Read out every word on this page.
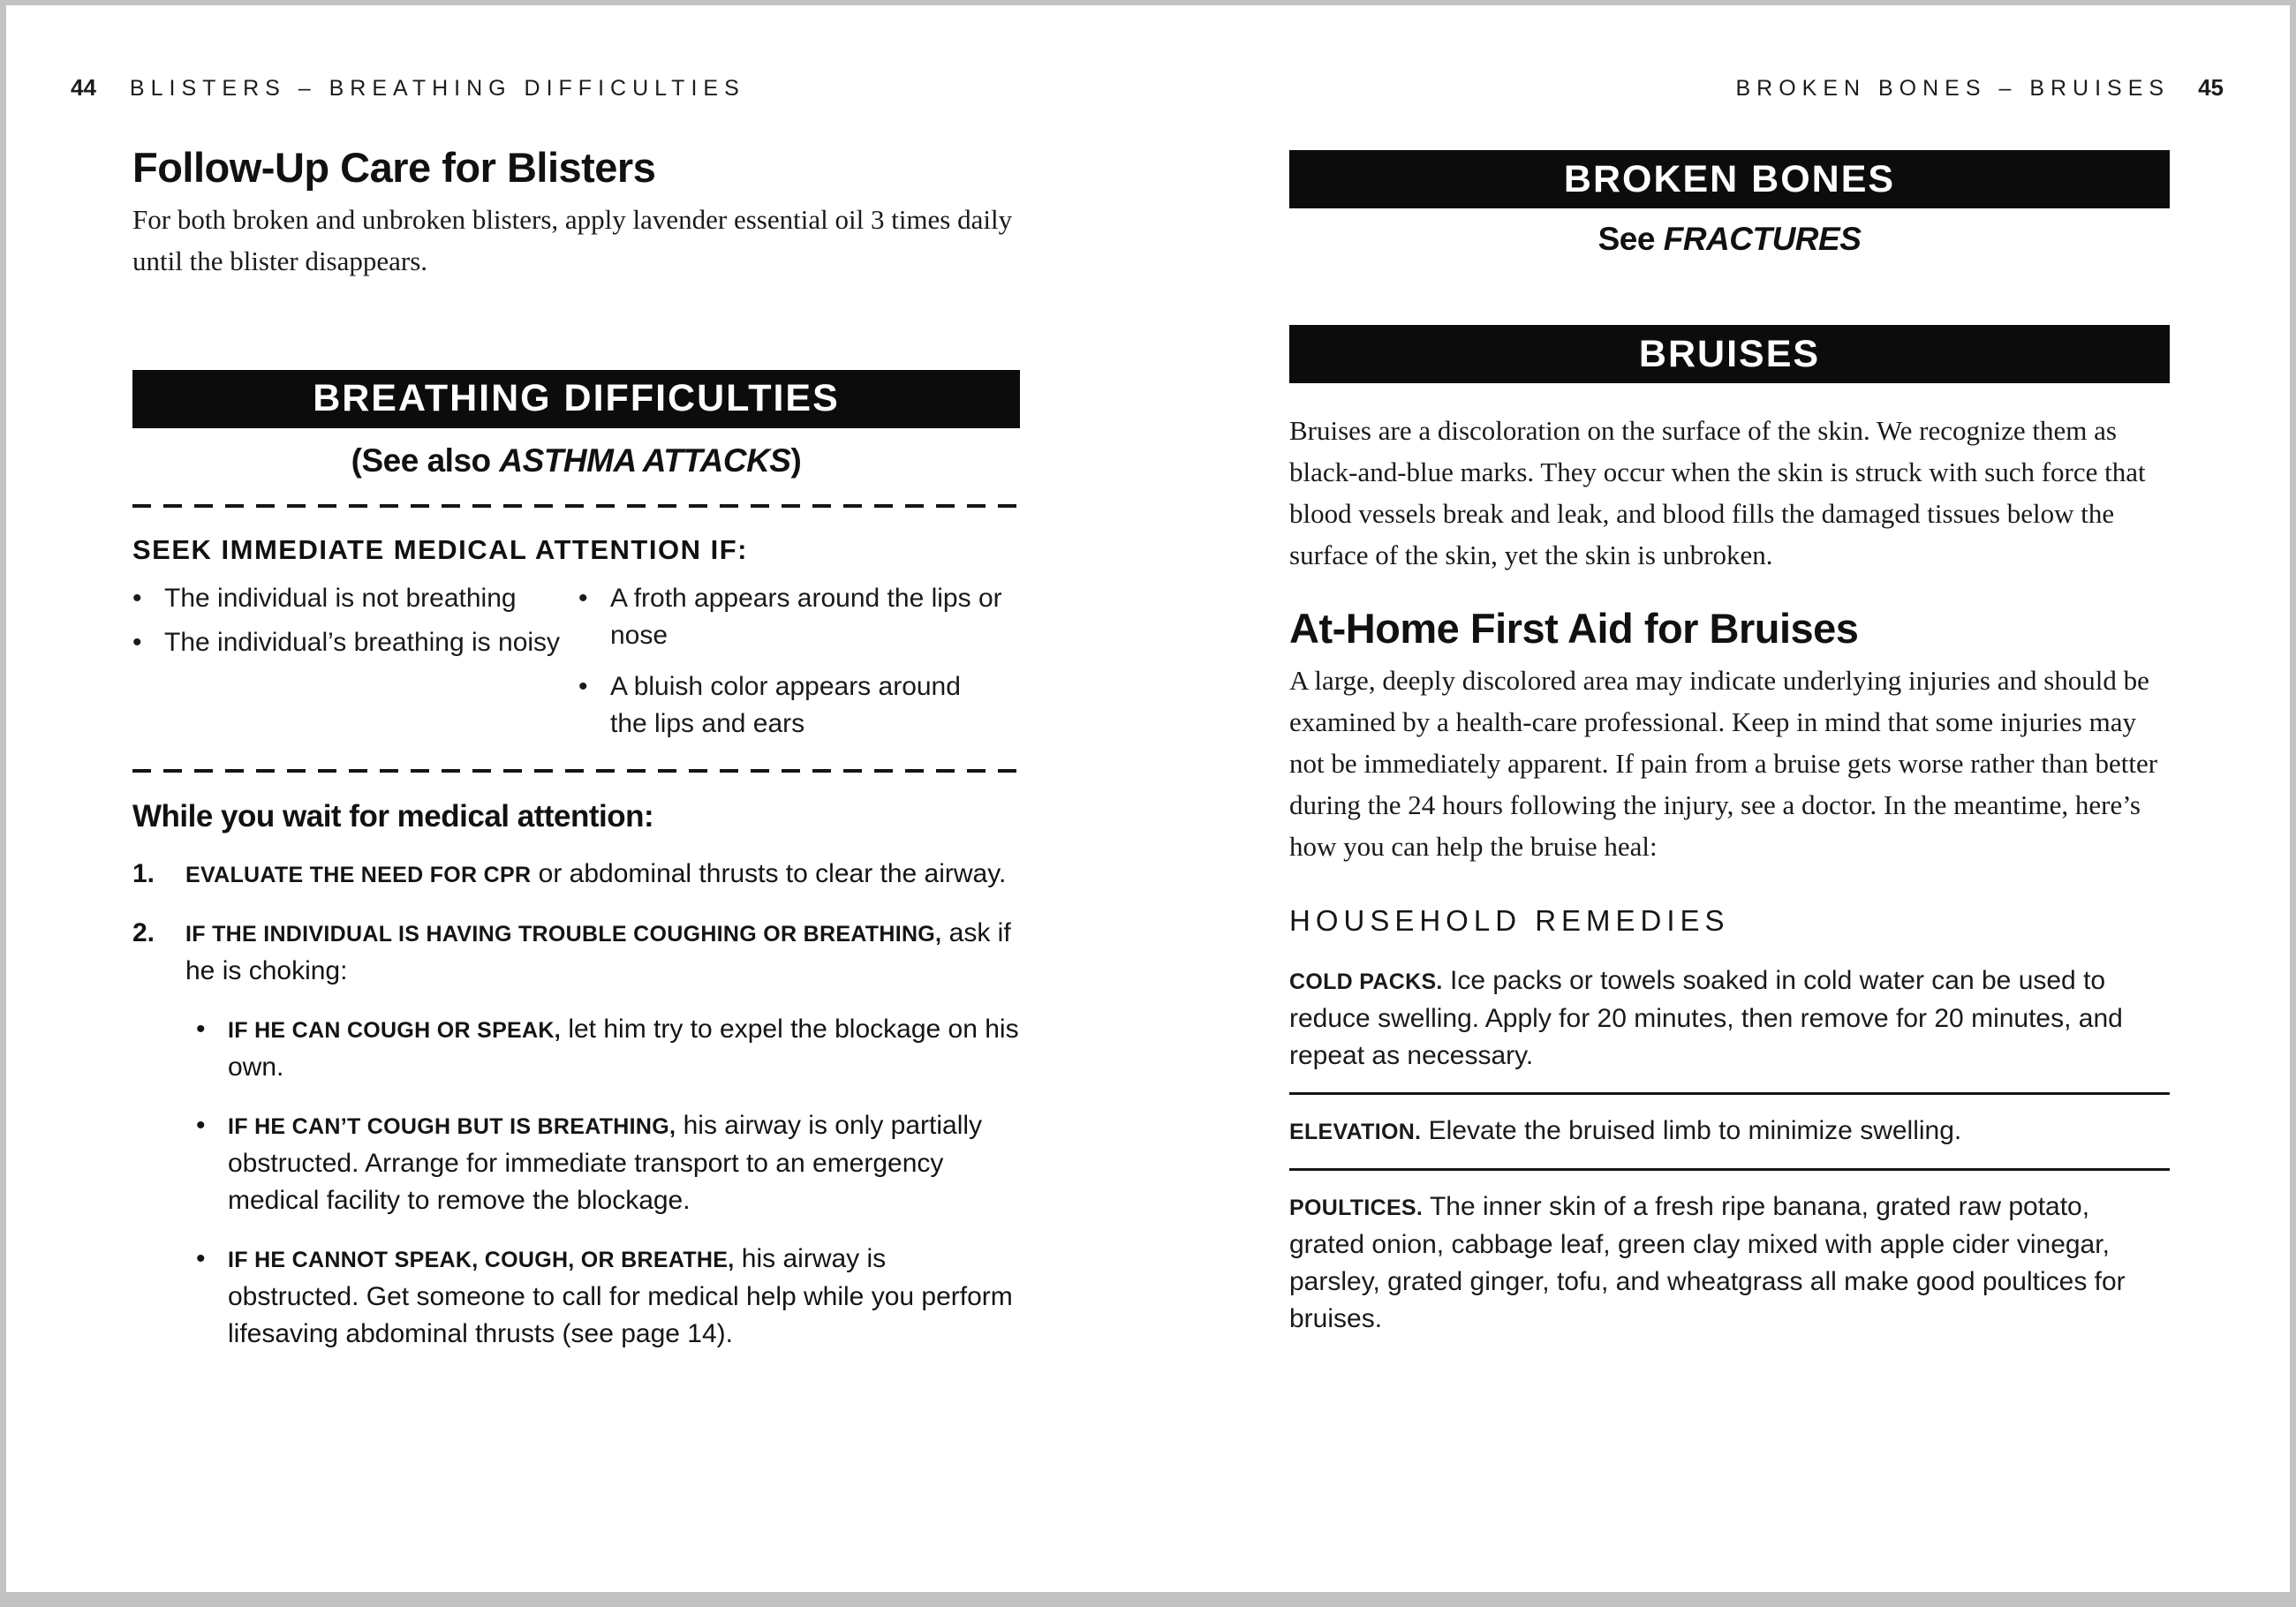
44 BLISTERS – BREATHING DIFFICULTIES	BROKEN BONES – BRUISES 45
Follow-Up Care for Blisters

For both broken and unbroken blisters, apply lavender essential oil 3 times daily until the blister disappears.

BREATHING DIFFICULTIES
(See also ASTHMA ATTACKS)
SEEK IMMEDIATE MEDICAL ATTENTION IF:
• The individual is not breathing
• The individual’s breathing is noisy
• A froth appears around the lips or nose
• A bluish color appears around the lips and ears
While you wait for medical attention:
1.	EVALUATE THE NEED FOR CPR or abdominal thrusts to clear the airway.
2.	IF THE INDIVIDUAL IS HAVING TROUBLE COUGHING OR BREATHING, ask if he is choking:
•	IF HE CAN COUGH OR SPEAK, let him try to expel the blockage on his own.
•	IF HE CAN’T COUGH BUT IS BREATHING, his airway is only partially obstructed. Arrange for immediate transport to an emergency medical facility to remove the blockage.
•	IF HE CANNOT SPEAK, COUGH, OR BREATHE, his airway is obstructed. Get someone to call for medical help while you perform lifesaving abdominal thrusts (see page 14).
BROKEN BONES
See FRACTURES
BRUISES

Bruises are a discoloration on the surface of the skin. We recognize them as black-and-blue marks. They occur when the skin is struck with such force that blood vessels break and leak, and blood fills the damaged tissues below the surface of the skin, yet the skin is unbroken.

At-Home First Aid for Bruises

A large, deeply discolored area may indicate underlying injuries and should be examined by a health-care professional. Keep in mind that some injuries may not be immediately apparent. If pain from a bruise gets worse rather than better during the 24 hours following the injury, see a doctor. In the meantime, here’s how you can help the bruise heal:

HOUSEHOLD REMEDIES
COLD PACKS. Ice packs or towels soaked in cold water can be used to reduce swelling. Apply for 20 minutes, then remove for 20 minutes, and repeat as necessary.
ELEVATION. Elevate the bruised limb to minimize swelling.
POULTICES. The inner skin of a fresh ripe banana, grated raw potato, grated onion, cabbage leaf, green clay mixed with apple cider vinegar, parsley, grated ginger, tofu, and wheatgrass all make good poultices for bruises.
